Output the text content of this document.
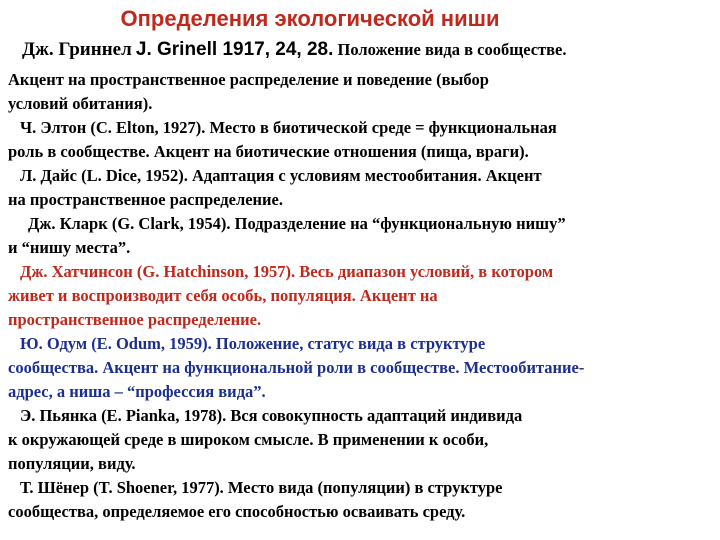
Определения экологической ниши
Дж. Гриннел J. Grinell 1917, 24, 28. Положение вида в сообществе.
Акцент на пространственное распределение и поведение (выбор
условий обитания).
Ч. Элтон (С. Elton, 1927). Место в биотической среде = функциональная
роль в сообществе. Акцент на биотические отношения (пища, враги).
Л. Дайс (L. Dice, 1952). Адаптация с условиям местообитания. Акцент
на пространственное распределение.
Дж. Кларк (G. Clark, 1954). Подразделение на “функциональную нишу”
и “нишу места”.
Дж. Хатчинсон (G. Hatchinson, 1957). Весь диапазон условий, в котором
живет и воспроизводит себя особь, популяция. Акцент на
пространственное распределение.
Ю. Одум (E. Odum, 1959). Положение, статус вида в структуре
сообщества. Акцент на функциональной роли в сообществе. Местообитание-
адрес, а ниша – “профессия вида”.
Э. Пьянка (E. Pianka, 1978). Вся совокупность адаптаций индивида
к окружающей среде в широком смысле. В применении к особи,
популяции, виду.
Т. Шёнер (T. Shoener, 1977). Место вида (популяции) в структуре
сообщества, определяемое его способностью осваивать среду.
